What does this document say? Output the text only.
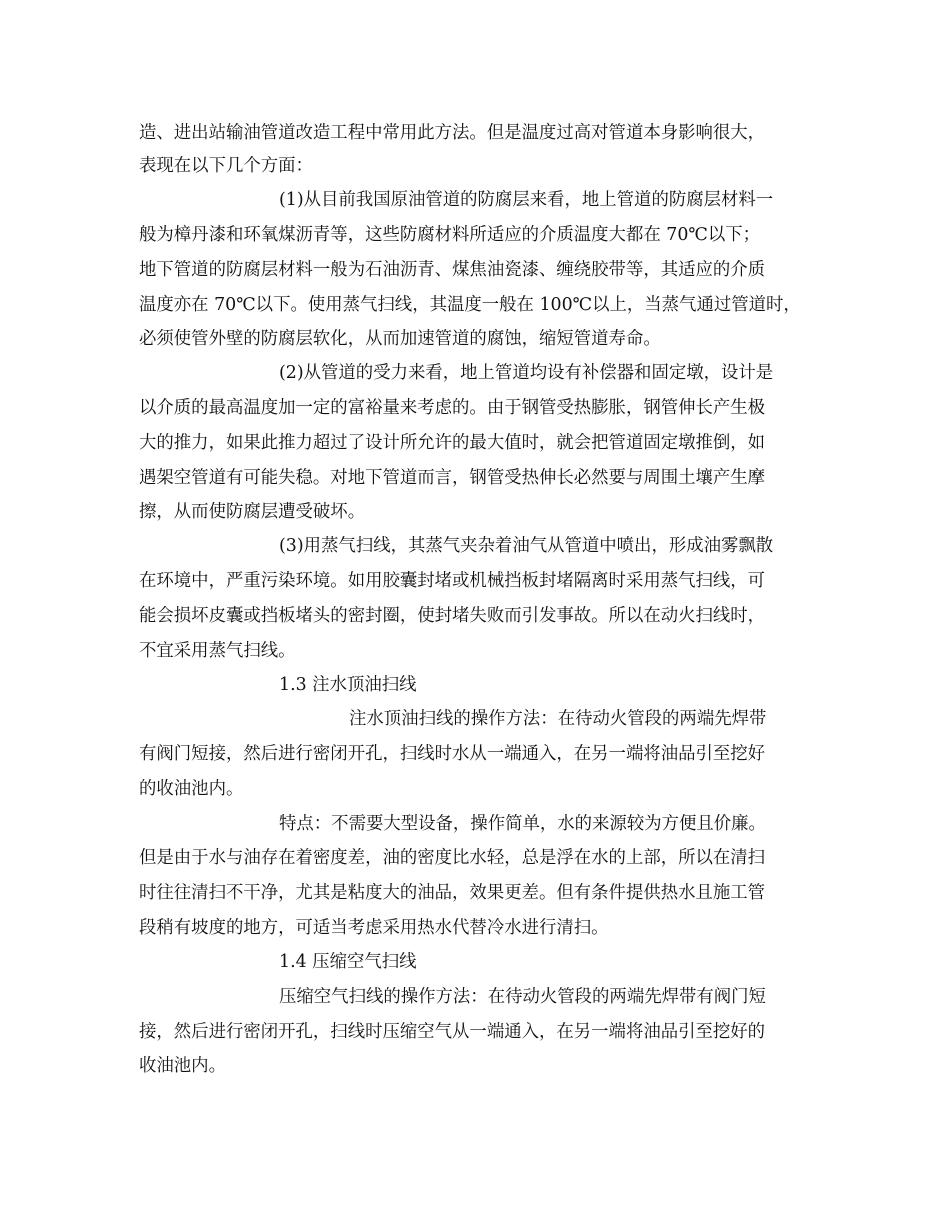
造、进出站输油管道改造工程中常用此方法。但是温度过高对管道本身影响很大，
表现在以下几个方面：
(1)从目前我国原油管道的防腐层来看，地上管道的防腐层材料一
般为樟丹漆和环氧煤沥青等，这些防腐材料所适应的介质温度大都在 70℃以下；
地下管道的防腐层材料一般为石油沥青、煤焦油瓷漆、缠绕胶带等，其适应的介质
温度亦在 70℃以下。使用蒸气扫线，其温度一般在 100℃以上，当蒸气通过管道时，
必须使管外壁的防腐层软化，从而加速管道的腐蚀，缩短管道寿命。
(2)从管道的受力来看，地上管道均设有补偿器和固定墩，设计是
以介质的最高温度加一定的富裕量来考虑的。由于钢管受热膨胀，钢管伸长产生极
大的推力，如果此推力超过了设计所允许的最大值时，就会把管道固定墩推倒，如
遇架空管道有可能失稳。对地下管道而言，钢管受热伸长必然要与周围土壤产生摩
擦，从而使防腐层遭受破坏。
(3)用蒸气扫线，其蒸气夹杂着油气从管道中喷出，形成油雾飘散
在环境中，严重污染环境。如用胶囊封堵或机械挡板封堵隔离时采用蒸气扫线，可
能会损坏皮囊或挡板堵头的密封圈，使封堵失败而引发事故。所以在动火扫线时，
不宜采用蒸气扫线。
1.3 注水顶油扫线
注水顶油扫线的操作方法：在待动火管段的两端先焊带
有阀门短接，然后进行密闭开孔，扫线时水从一端通入，在另一端将油品引至挖好
的收油池内。
特点：不需要大型设备，操作简单，水的来源较为方便且价廉。
但是由于水与油存在着密度差，油的密度比水轻，总是浮在水的上部，所以在清扫
时往往清扫不干净，尤其是粘度大的油品，效果更差。但有条件提供热水且施工管
段稍有坡度的地方，可适当考虑采用热水代替冷水进行清扫。
1.4 压缩空气扫线
压缩空气扫线的操作方法：在待动火管段的两端先焊带有阀门短
接，然后进行密闭开孔，扫线时压缩空气从一端通入，在另一端将油品引至挖好的
收油池内。
